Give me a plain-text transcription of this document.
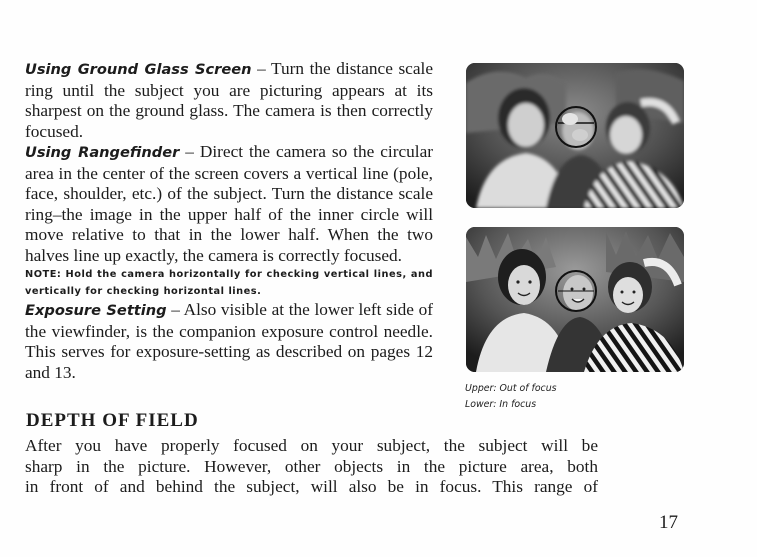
Using Ground Glass Screen – Turn the distance scale ring until the subject you are picturing appears at its sharpest on the ground glass. The camera is then correctly focused.

Using Rangefinder – Direct the camera so the circular area in the center of the screen covers a vertical line (pole, face, shoulder, etc.) of the subject. Turn the distance scale ring–the image in the upper half of the inner circle will move relative to that in the lower half. When the two halves line up exactly, the camera is correctly focused.

NOTE: Hold the camera horizontally for checking vertical lines, and vertically for checking horizontal lines.

Exposure Setting – Also visible at the lower left side of the viewfinder, is the companion exposure control needle. This serves for exposure-setting as described on pages 12 and 13.

Upper: Out of focus
Lower: In focus
DEPTH OF FIELD
After you have properly focused on your subject, the subject will be
sharp in the picture. However, other objects in the picture area, both
in front of and behind the subject, will also be in focus. This range of
17
